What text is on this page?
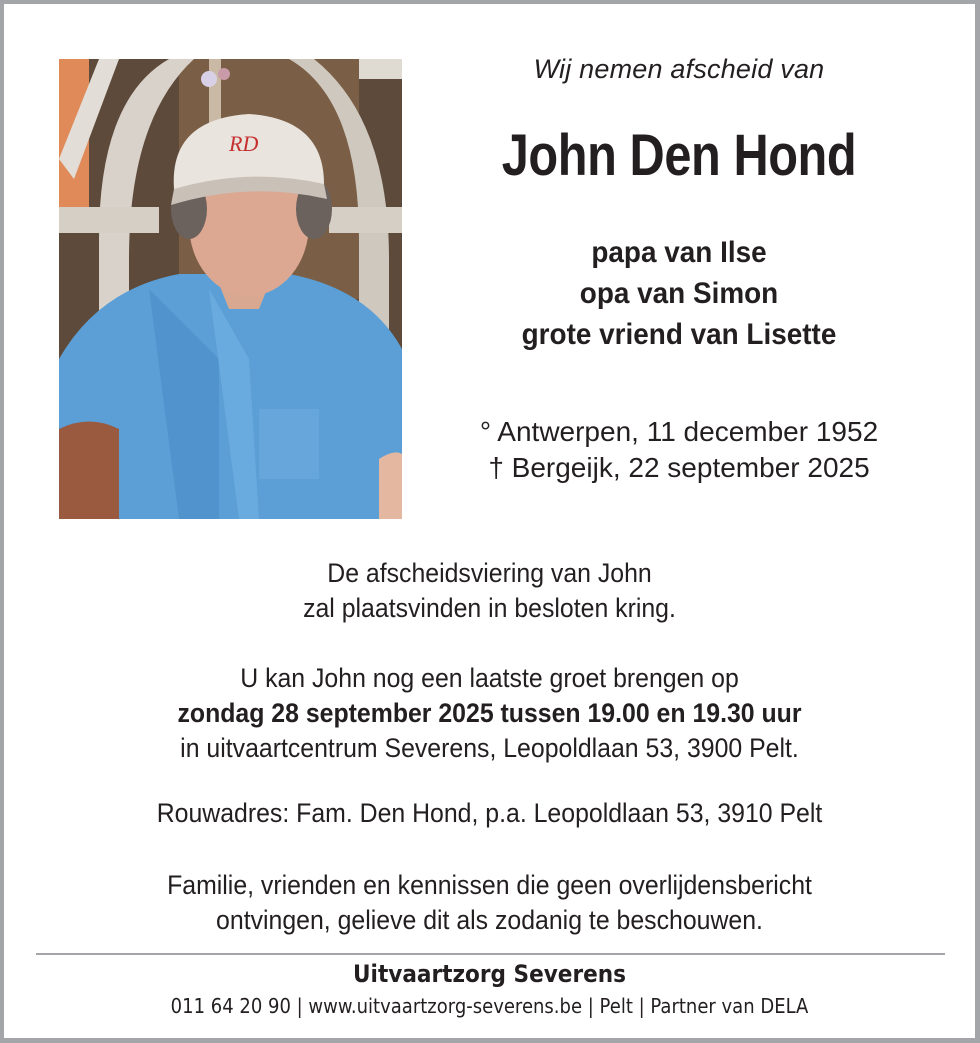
RD
Wij nemen afscheid van
John Den Hond
papa van Ilse
opa van Simon
grote vriend van Lisette
° Antwerpen, 11 december 1952
† Bergeijk, 22 september 2025
De afscheidsviering van John
zal plaatsvinden in besloten kring.
U kan John nog een laatste groet brengen op
zondag 28 september 2025 tussen 19.00 en 19.30 uur
in uitvaartcentrum Severens, Leopoldlaan 53, 3900 Pelt.
Rouwadres: Fam. Den Hond, p.a. Leopoldlaan 53, 3910 Pelt
Familie, vrienden en kennissen die geen overlijdensbericht
ontvingen, gelieve dit als zodanig te beschouwen.
Uitvaartzorg Severens
011 64 20 90 | www.uitvaartzorg-severens.be | Pelt | Partner van DELA
